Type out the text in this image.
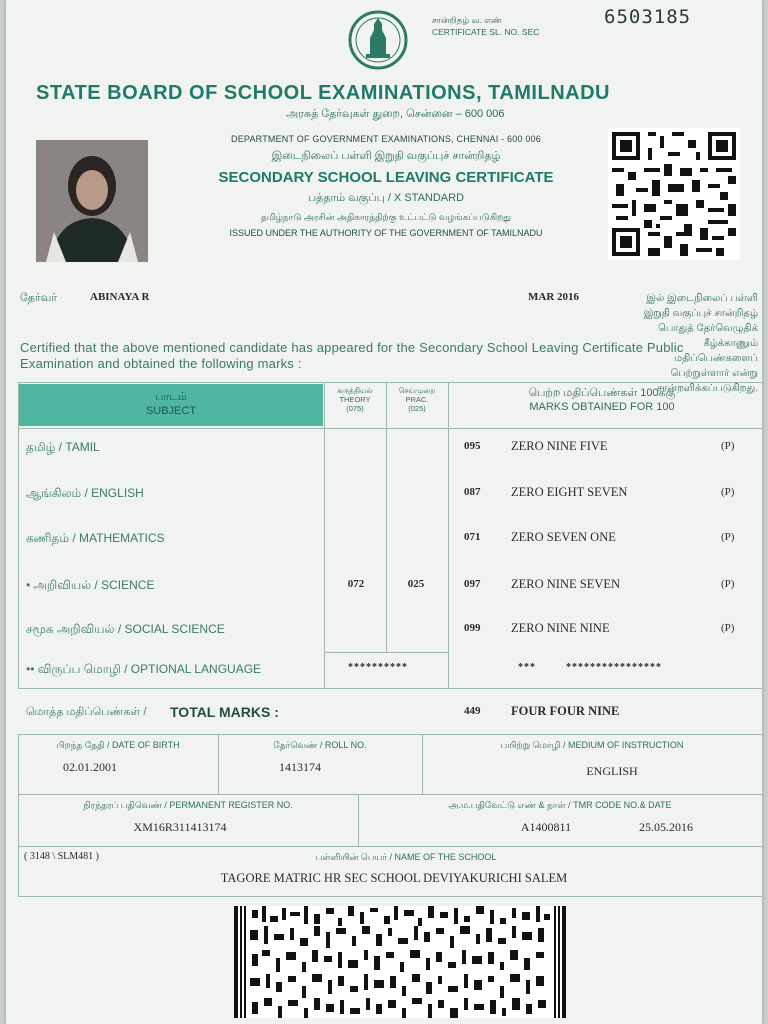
சான்றிதழ் வ. எண்
CERTIFICATE SL. NO. SEC
6503185
STATE BOARD OF SCHOOL EXAMINATIONS, TAMILNADU
அரசுத் தேர்வுகள் துறை, சென்னை – 600 006
DEPARTMENT OF GOVERNMENT EXAMINATIONS, CHENNAI - 600 006
இடைநிலைப் பள்ளி இறுதி வகுப்புச் சான்றிதழ்
SECONDARY SCHOOL LEAVING CERTIFICATE
பத்தாம் வகுப்பு / X STANDARD
தமிழ்நாடு அரசின் அதிகாரத்திற்கு உட்பட்டு வழங்கப்படுகிறது
ISSUED UNDER THE AUTHORITY OF THE GOVERNMENT OF TAMILNADU
தேர்வர்	ABINAYA R	MAR 2016	இல் இடைநிலைப் பள்ளி இறுதி வகுப்புச் சான்றிதழ் பொதுத் தேர்வெழுதிக் கீழ்க்காணும் மதிப்பெண்களைப் பெற்றுள்ளார் என்று சான்றளிக்கப்படுகிறது.
Certified that the above mentioned candidate has appeared for the Secondary School Leaving Certificate Public Examination and obtained the following marks :
பாடம்
SUBJECT
கருத்தியல்
THEORY
(075)
செய்முறை
PRAC.
(025)
பெற்ற மதிப்பெண்கள் 100க்கு
MARKS OBTAINED FOR 100
தமிழ் / TAMIL	095 ZERO NINE FIVE	(P)
ஆங்கிலம் / ENGLISH	087 ZERO EIGHT SEVEN	(P)
கணிதம் / MATHEMATICS	071 ZERO SEVEN ONE	(P)
• அறிவியல் / SCIENCE	072	025	097 ZERO NINE SEVEN	(P)
சமூக அறிவியல் / SOCIAL SCIENCE	099 ZERO NINE NINE	(P)
•• விருப்ப மொழி / OPTIONAL LANGUAGE	**********	***	****************
மொத்த மதிப்பெண்கள் / TOTAL MARKS :	449 FOUR FOUR NINE
பிறந்த தேதி / DATE OF BIRTH
02.01.2001
தேர்வெண் / ROLL NO.
1413174
பயிற்று மொழி / MEDIUM OF INSTRUCTION
ENGLISH
நிரந்தரப் பதிவெண் / PERMANENT REGISTER NO.
XM16R311413174
அ.ம.பதிவேட்டு எண் & நாள் / TMR CODE NO.& DATE
A1400811	25.05.2016
( 3148 \ SLM481 )	பள்ளியின் பெயர் / NAME OF THE SCHOOL
TAGORE MATRIC HR SEC SCHOOL DEVIYAKURICHI SALEM
